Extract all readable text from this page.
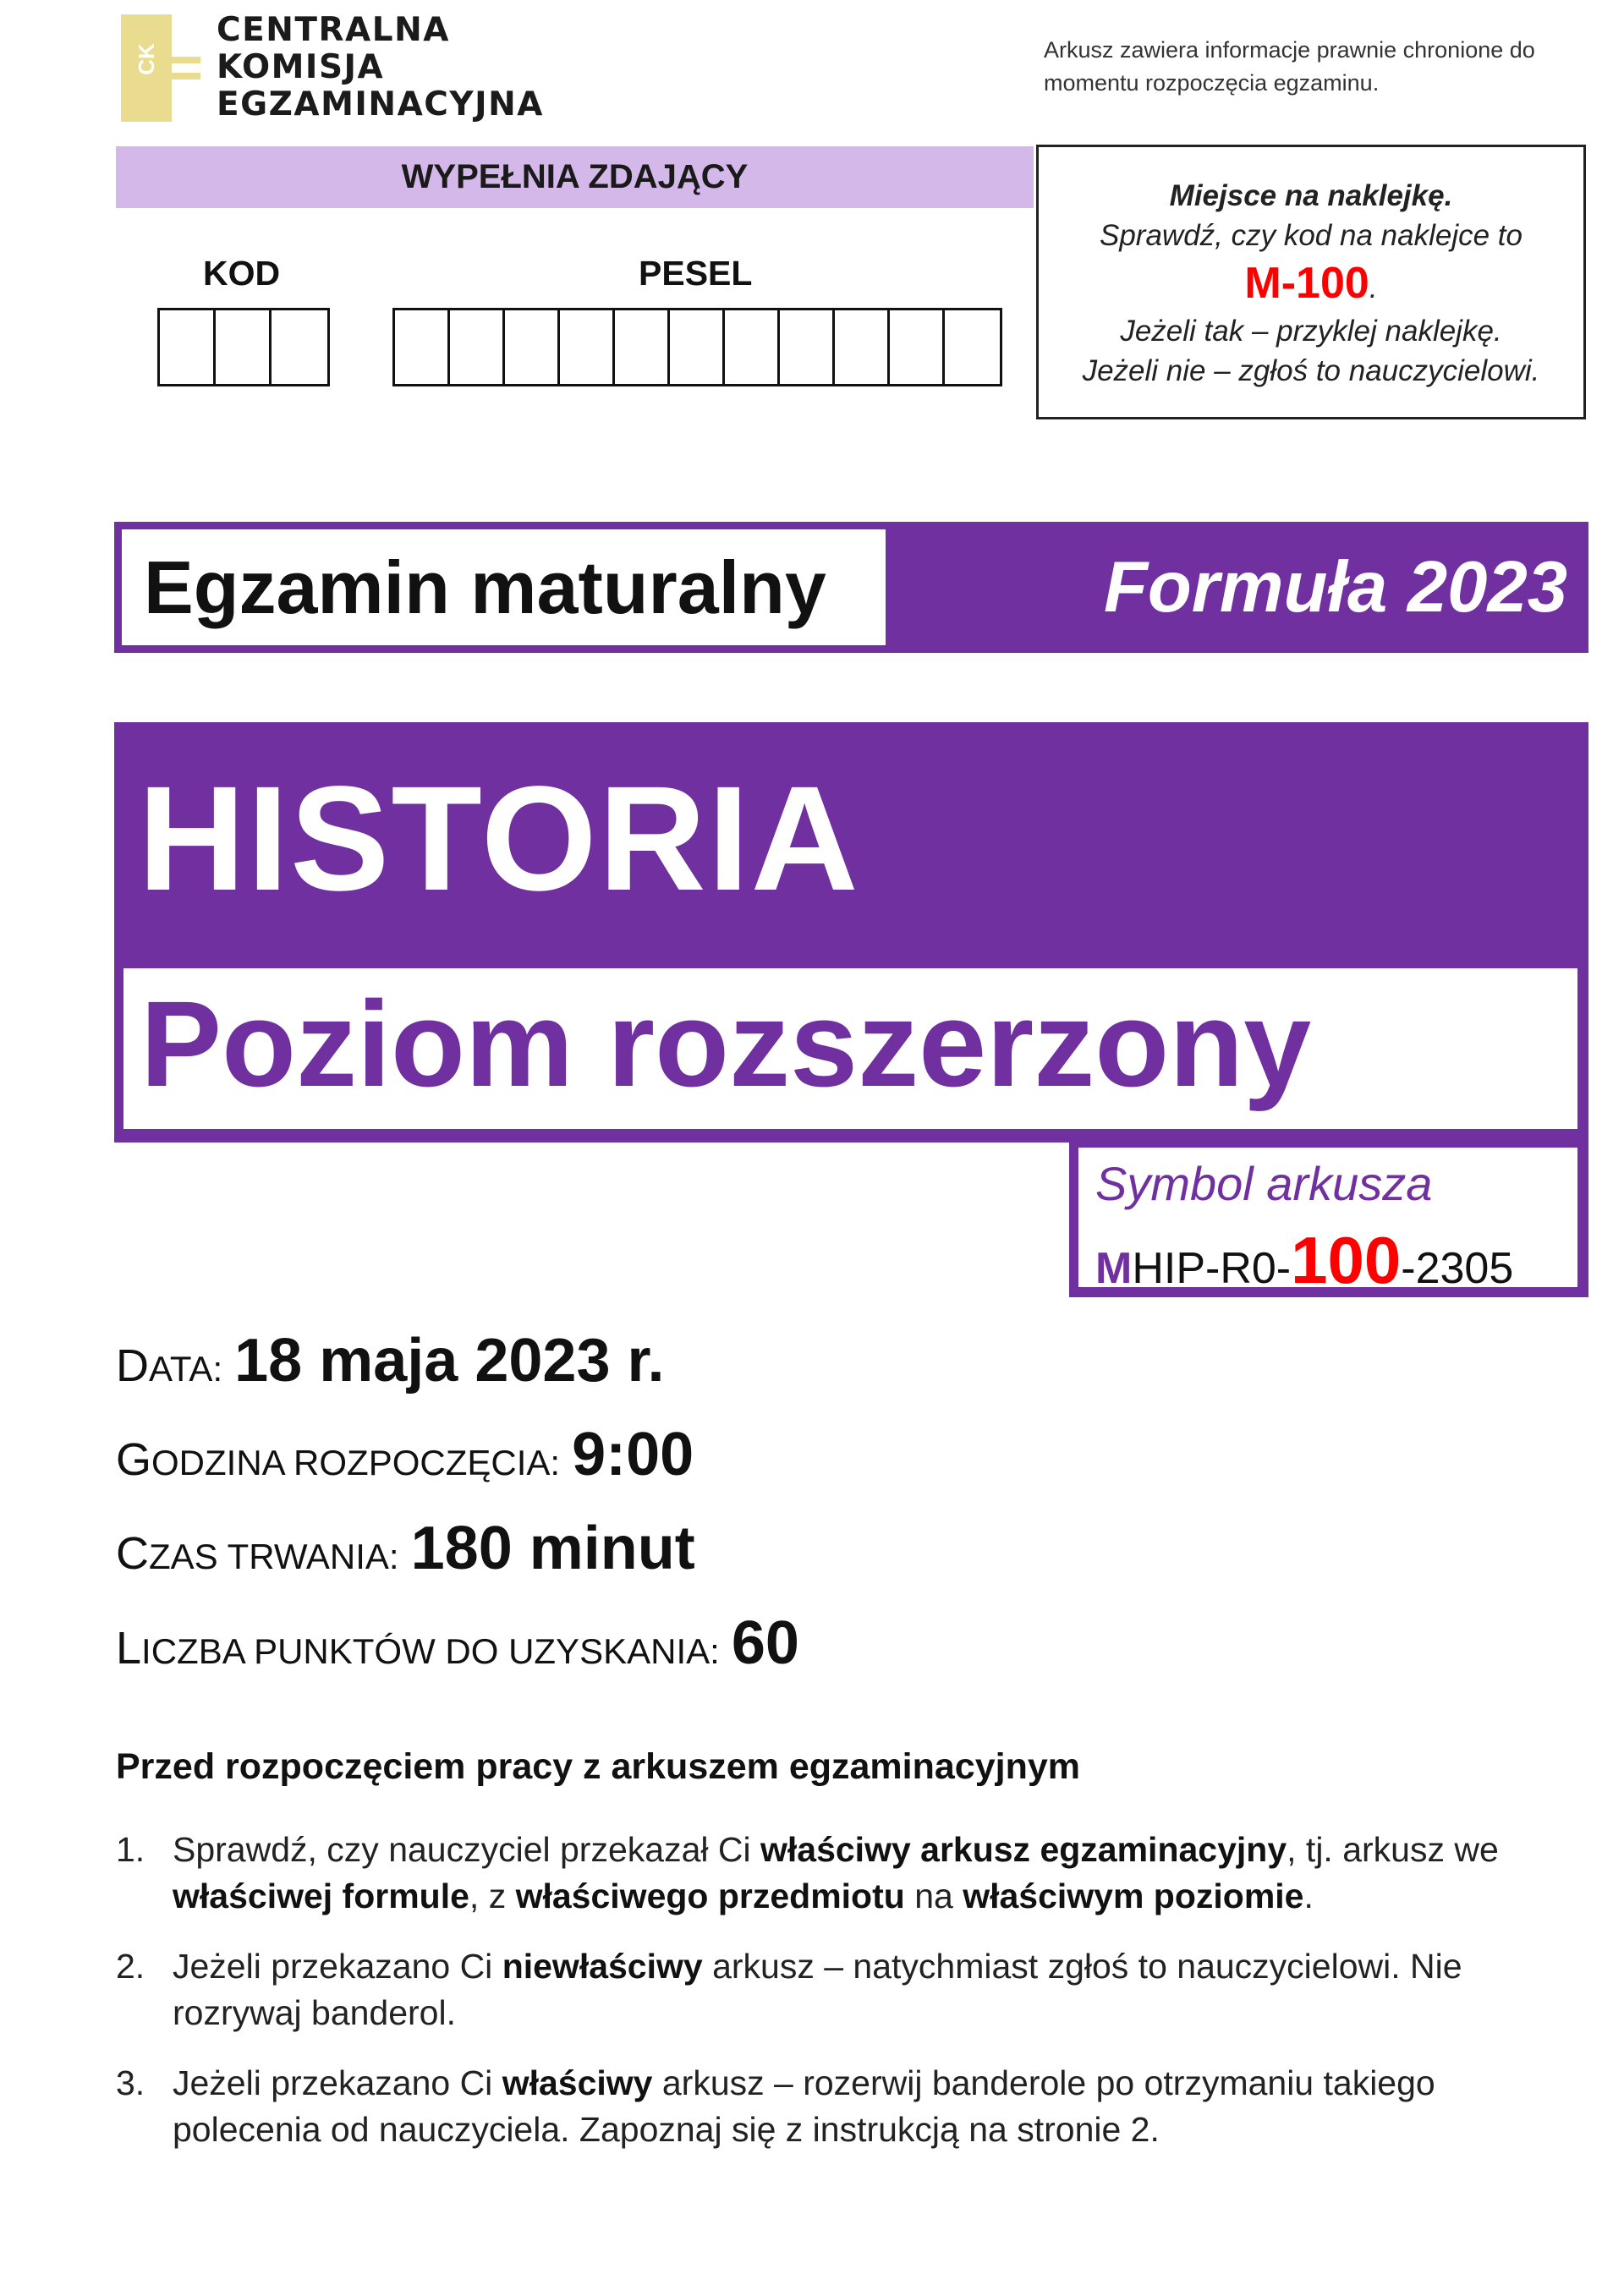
CK
CENTRALNA
KOMISJA
EGZAMINACYJNA
Arkusz zawiera informacje prawnie chronione do momentu rozpoczęcia egzaminu.
WYPEŁNIA ZDAJĄCY
KOD	PESEL
Miejsce na naklejkę.
Sprawdź, czy kod na naklejce to
M-100.
Jeżeli tak – przyklej naklejkę.
Jeżeli nie – zgłoś to nauczycielowi.
Egzamin maturalny	Formuła 2023
HISTORIA
Poziom rozszerzony
Symbol arkusza
MHIP-R0-100-2305
DATA: 18 maja 2023 r.
GODZINA ROZPOCZĘCIA: 9:00
CZAS TRWANIA: 180 minut
LICZBA PUNKTÓW DO UZYSKANIA: 60
Przed rozpoczęciem pracy z arkuszem egzaminacyjnym
1. Sprawdź, czy nauczyciel przekazał Ci właściwy arkusz egzaminacyjny, tj. arkusz we właściwej formule, z właściwego przedmiotu na właściwym poziomie.
2. Jeżeli przekazano Ci niewłaściwy arkusz – natychmiast zgłoś to nauczycielowi. Nie rozrywaj banderol.
3. Jeżeli przekazano Ci właściwy arkusz – rozerwij banderole po otrzymaniu takiego polecenia od nauczyciela. Zapoznaj się z instrukcją na stronie 2.
